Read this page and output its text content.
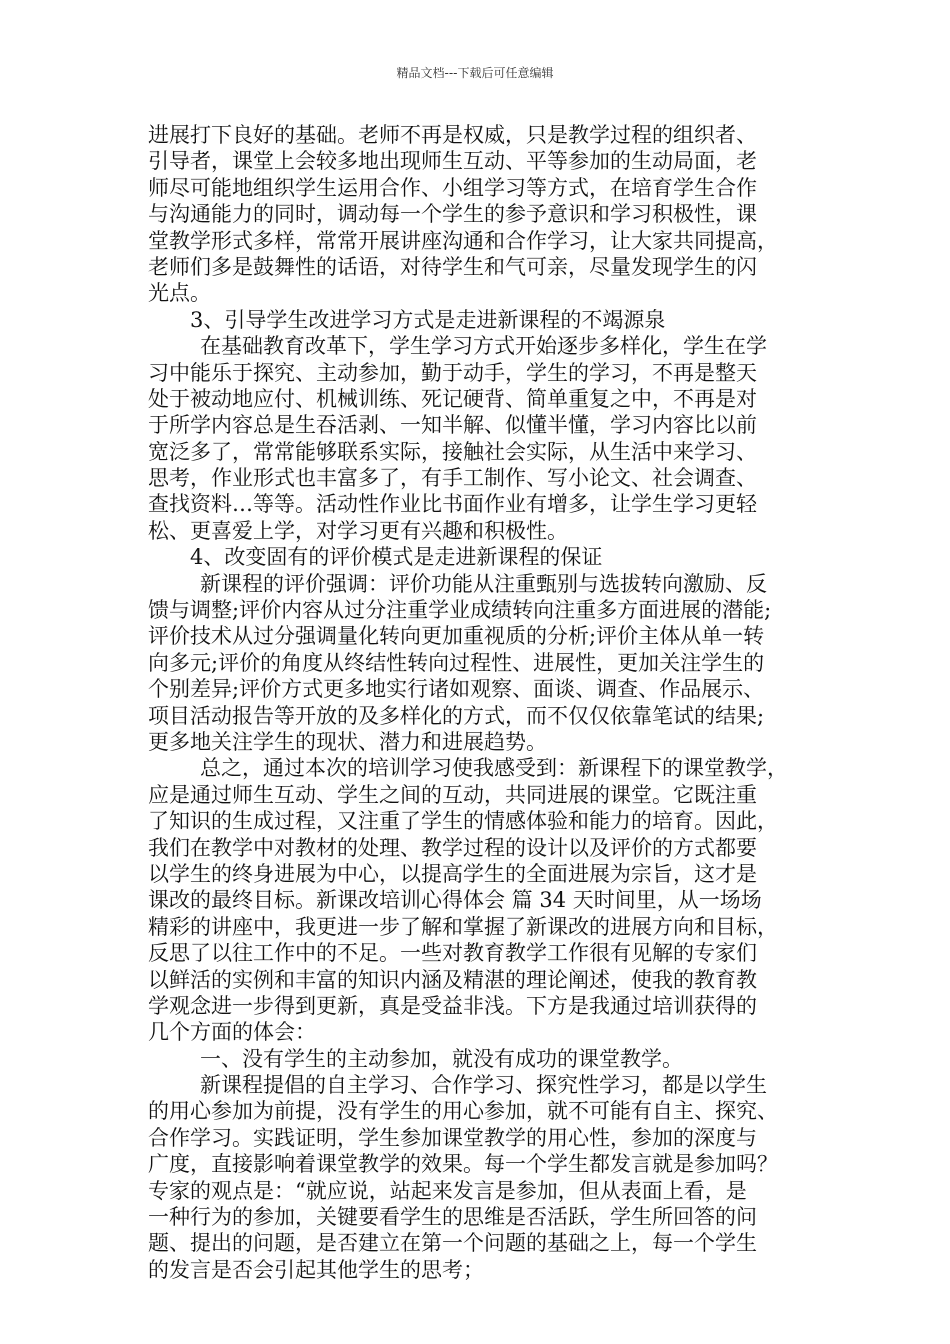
精品文档---下载后可任意编辑
进展打下良好的基础。老师不再是权威，只是教学过程的组织者、
引导者，课堂上会较多地出现师生互动、平等参加的生动局面，老
师尽可能地组织学生运用合作、小组学习等方式，在培育学生合作
与沟通能力的同时，调动每一个学生的参予意识和学习积极性，课
堂教学形式多样，常常开展讲座沟通和合作学习，让大家共同提高，
老师们多是鼓舞性的话语，对待学生和气可亲，尽量发现学生的闪
光点。
3、引导学生改进学习方式是走进新课程的不竭源泉
在基础教育改革下，学生学习方式开始逐步多样化，学生在学
习中能乐于探究、主动参加，勤于动手，学生的学习，不再是整天
处于被动地应付、机械训练、死记硬背、简单重复之中，不再是对
于所学内容总是生吞活剥、一知半解、似懂半懂，学习内容比以前
宽泛多了，常常能够联系实际，接触社会实际，从生活中来学习、
思考，作业形式也丰富多了，有手工制作、写小论文、社会调查、
查找资料…等等。活动性作业比书面作业有增多，让学生学习更轻
松、更喜爱上学，对学习更有兴趣和积极性。
4、改变固有的评价模式是走进新课程的保证
新课程的评价强调：评价功能从注重甄别与选拔转向激励、反
馈与调整;评价内容从过分注重学业成绩转向注重多方面进展的潜能;
评价技术从过分强调量化转向更加重视质的分析;评价主体从单一转
向多元;评价的角度从终结性转向过程性、进展性，更加关注学生的
个别差异;评价方式更多地实行诸如观察、面谈、调查、作品展示、
项目活动报告等开放的及多样化的方式，而不仅仅依靠笔试的结果;
更多地关注学生的现状、潜力和进展趋势。
总之，通过本次的培训学习使我感受到：新课程下的课堂教学，
应是通过师生互动、学生之间的互动，共同进展的课堂。它既注重
了知识的生成过程，又注重了学生的情感体验和能力的培育。因此，
我们在教学中对教材的处理、教学过程的设计以及评价的方式都要
以学生的终身进展为中心，以提高学生的全面进展为宗旨，这才是
课改的最终目标。新课改培训心得体会 篇 34 天时间里，从一场场
精彩的讲座中，我更进一步了解和掌握了新课改的进展方向和目标，
反思了以往工作中的不足。一些对教育教学工作很有见解的专家们
以鲜活的实例和丰富的知识内涵及精湛的理论阐述，使我的教育教
学观念进一步得到更新，真是受益非浅。下方是我通过培训获得的
几个方面的体会：
一、没有学生的主动参加，就没有成功的课堂教学。
新课程提倡的自主学习、合作学习、探究性学习，都是以学生
的用心参加为前提，没有学生的用心参加，就不可能有自主、探究、
合作学习。实践证明，学生参加课堂教学的用心性，参加的深度与
广度，直接影响着课堂教学的效果。每一个学生都发言就是参加吗？
专家的观点是：“就应说，站起来发言是参加，但从表面上看，是
一种行为的参加，关键要看学生的思维是否活跃，学生所回答的问
题、提出的问题，是否建立在第一个问题的基础之上，每一个学生
的发言是否会引起其他学生的思考；
